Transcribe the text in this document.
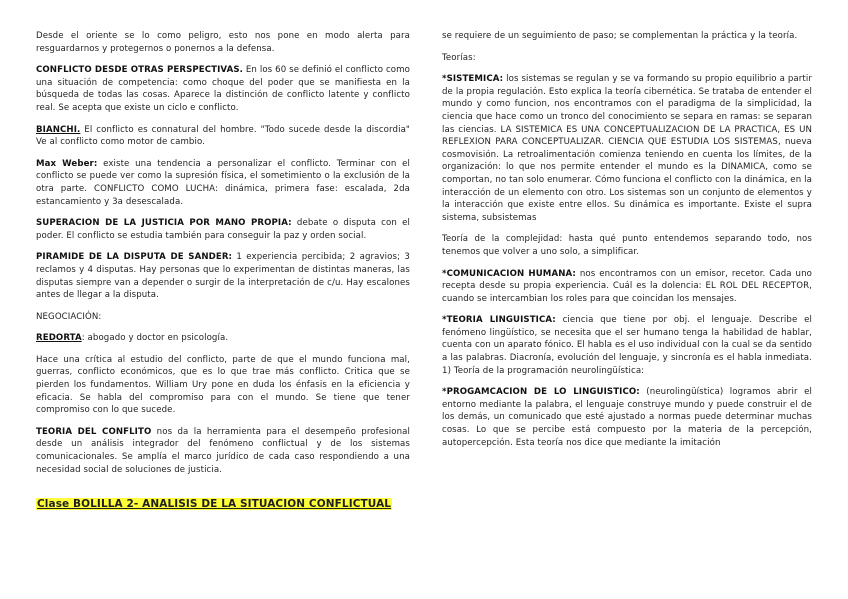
Desde el oriente se lo como peligro, esto nos pone en modo alerta para resguardarnos y protegernos o ponernos a la defensa.

CONFLICTO DESDE OTRAS PERSPECTIVAS. En los 60 se definió el conflicto como una situación de competencia: como choque del poder que se manifiesta en la búsqueda de todas las cosas. Aparece la distinción de conflicto latente y conflicto real. Se acepta que existe un ciclo e conflicto.

BIANCHI. El conflicto es connatural del hombre. "Todo sucede desde la discordia" Ve al conflicto como motor de cambio.

Max Weber: existe una tendencia a personalizar el conflicto. Terminar con el conflicto se puede ver como la supresión física, el sometimiento o la exclusión de la otra parte. CONFLICTO COMO LUCHA: dinámica, primera fase: escalada, 2da estancamiento y 3a desescalada.

SUPERACION DE LA JUSTICIA POR MANO PROPIA: debate o disputa con el poder. El conflicto se estudia también para conseguir la paz y orden social.

PIRAMIDE DE LA DISPUTA DE SANDER: 1 experiencia percibida; 2 agravios; 3 reclamos y 4 disputas. Hay personas que lo experimentan de distintas maneras, las disputas siempre van a depender o surgir de la interpretación de c/u. Hay escalones antes de llegar a la disputa.

NEGOCIACIÓN:

REDORTA: abogado y doctor en psicología.

Hace una crítica al estudio del conflicto, parte de que el mundo funciona mal, guerras, conflicto económicos, que es lo que trae más conflicto. Critica que se pierden los fundamentos. William Ury pone en duda los énfasis en la eficiencia y eficacia. Se habla del compromiso para con el mundo. Se tiene que tener compromiso con lo que sucede.

TEORIA DEL CONFLITO nos da la herramienta para el desempeño profesional desde un análisis integrador del fenómeno conflictual y de los sistemas comunicacionales. Se amplía el marco jurídico de cada caso respondiendo a una necesidad social de soluciones de justicia.

Clase BOLILLA 2- ANALISIS DE LA SITUACION CONFLICTUAL

se requiere de un seguimiento de paso; se complementan la práctica y la teoría.

Teorías:

*SISTEMICA: los sistemas se regulan y se va formando su propio equilibrio a partir de la propia regulación. Esto explica la teoría cibernética. Se trataba de entender el mundo y como funcion, nos encontramos con el paradigma de la simplicidad, la ciencia que hace como un tronco del conocimiento se separa en ramas: se separan las ciencias. LA SISTEMICA ES UNA CONCEPTUALIZACION DE LA PRACTICA, ES UN REFLEXION PARA CONCEPTUALIZAR. CIENCIA QUE ESTUDIA LOS SISTEMAS, nueva cosmovisión. La retroalimentación comienza teniendo en cuenta los límites, de la organización: lo que nos permite entender el mundo es la DINAMICA, como se comportan, no tan solo enumerar. Cómo funciona el conflicto con la dinámica, en la interacción de un elemento con otro. Los sistemas son un conjunto de elementos y la interacción que existe entre ellos. Su dinámica es importante. Existe el supra sistema, subsistemas

Teoría de la complejidad: hasta qué punto entendemos separando todo, nos tenemos que volver a uno solo, a simplificar.

*COMUNICACION HUMANA: nos encontramos con un emisor, recetor. Cada uno recepta desde su propia experiencia. Cuál es la dolencia: EL ROL DEL RECEPTOR, cuando se intercambian los roles para que coincidan los mensajes.

*TEORIA LINGUISTICA: ciencia que tiene por obj. el lenguaje. Describe el fenómeno lingüístico, se necesita que el ser humano tenga la habilidad de hablar, cuenta con un aparato fónico. El habla es el uso individual con la cual se da sentido a las palabras. Diacronía, evolución del lenguaje, y sincronía es el habla inmediata. 1) Teoría de la programación neurolingüística:

*PROGAMCACION DE LO LINGUISTICO: (neurolingüística) logramos abrir el entorno mediante la palabra, el lenguaje construye mundo y puede construir el de los demás, un comunicado que esté ajustado a normas puede determinar muchas cosas. Lo que se percibe está compuesto por la materia de la percepción, autopercepción. Esta teoría nos dice que mediante la imitación
